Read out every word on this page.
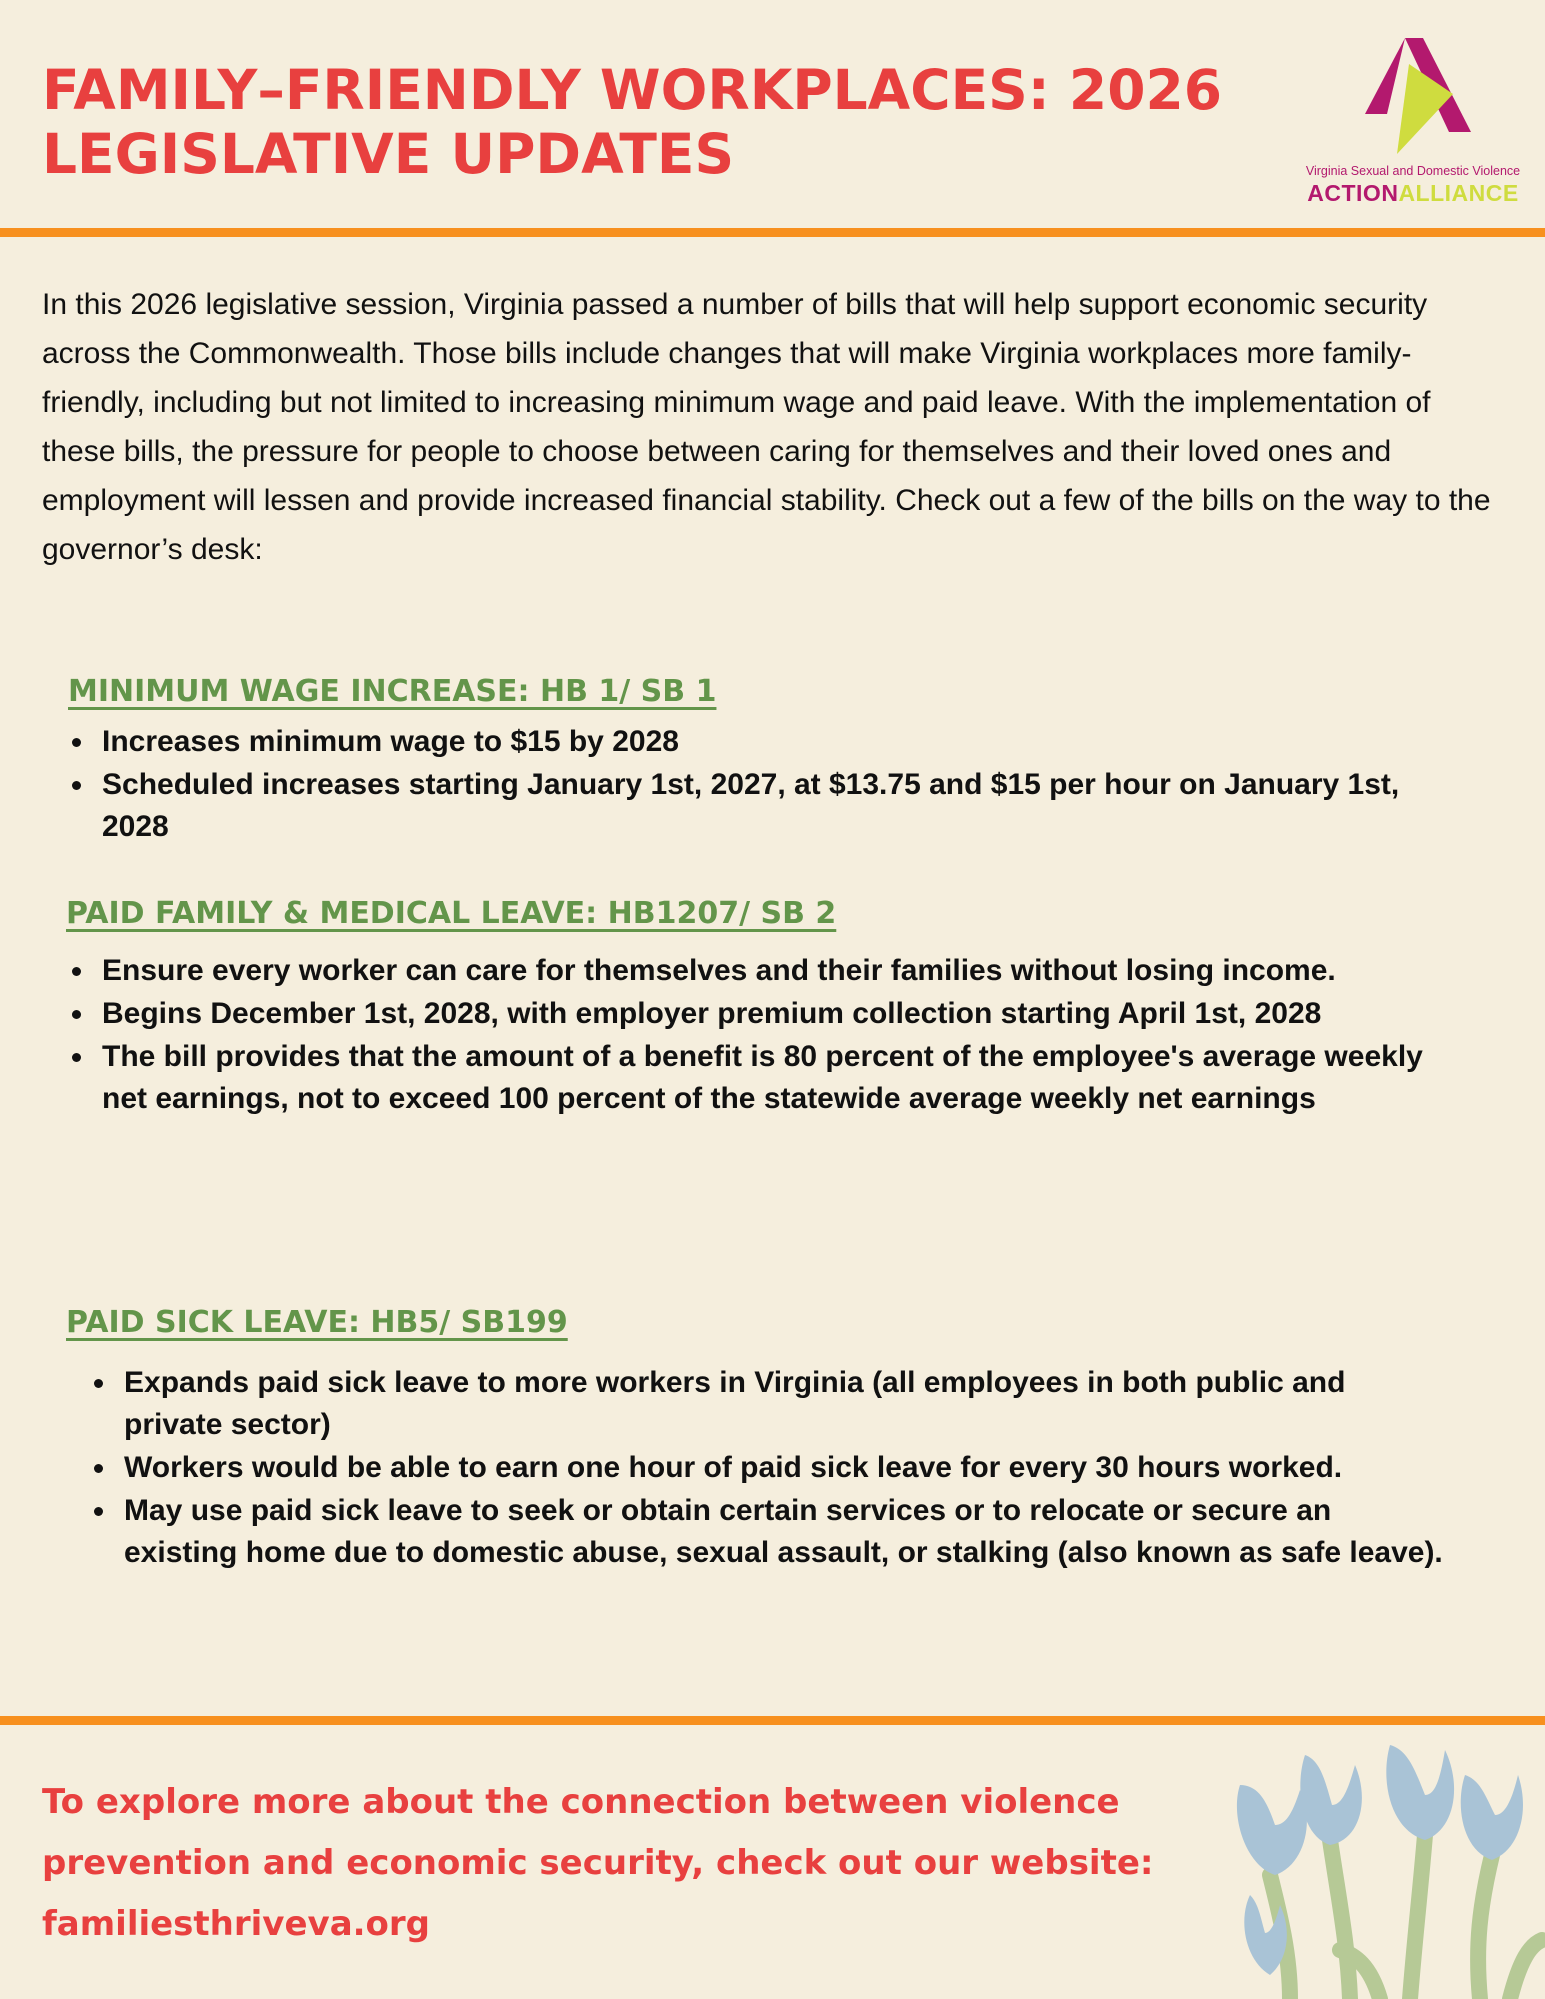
FAMILY–FRIENDLY WORKPLACES: 2026
LEGISLATIVE UPDATES	Virginia Sexual and Domestic Violence
ACTIONALLIANCE

In this 2026 legislative session, Virginia passed a number of bills that will help support economic security across the Commonwealth. Those bills include changes that will make Virginia workplaces more family-friendly, including but not limited to increasing minimum wage and paid leave. With the implementation of these bills, the pressure for people to choose between caring for themselves and their loved ones and employment will lessen and provide increased financial stability. Check out a few of the bills on the way to the governor’s desk:

MINIMUM WAGE INCREASE: HB 1/ SB 1
Increases minimum wage to $15 by 2028
Scheduled increases starting January 1st, 2027, at $13.75 and $15 per hour on January 1st, 2028
PAID FAMILY & MEDICAL LEAVE: HB1207/ SB 2
Ensure every worker can care for themselves and their families without losing income.
Begins December 1st, 2028, with employer premium collection starting April 1st, 2028
The bill provides that the amount of a benefit is 80 percent of the employee's average weekly net earnings, not to exceed 100 percent of the statewide average weekly net earnings
PAID SICK LEAVE: HB5/ SB199
Expands paid sick leave to more workers in Virginia (all employees in both public and private sector)
Workers would be able to earn one hour of paid sick leave for every 30 hours worked.
May use paid sick leave to seek or obtain certain services or to relocate or secure an existing home due to domestic abuse, sexual assault, or stalking (also known as safe leave).

To explore more about the connection between violence
prevention and economic security, check out our website:
familiesthriveva.org
